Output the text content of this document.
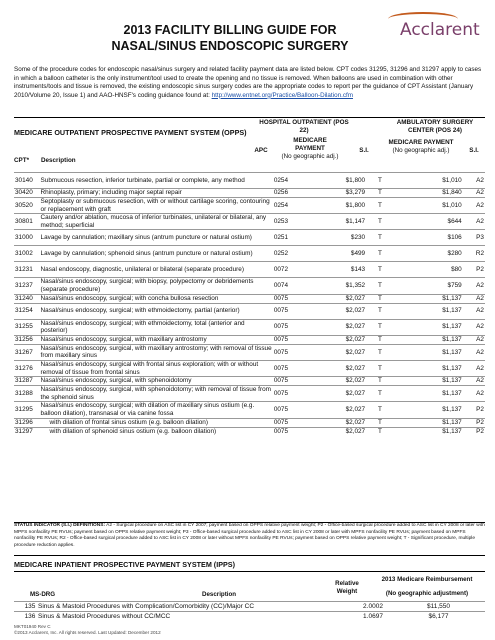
2013 FACILITY BILLING GUIDE FOR
NASAL/SINUS ENDOSCOPIC SURGERY
Acclarent
Some of the procedure codes for endoscopic nasal/sinus surgery and related facility payment data are listed below. CPT codes 31295, 31296 and 31297 apply to cases in which a balloon catheter is the only instrument/tool used to create the opening and no tissue is removed. When balloons are used in combination with other instruments/tools and tissue is removed, the existing endoscopic sinus surgery codes are the appropriate codes to report per the guidance of CPT Assistant (January 2010/Volume 20, Issue 1) and AAO-HNSF's coding guidance found at: http://www.entnet.org/Practice/Balloon-Dilation.cfm
MEDICARE OUTPATIENT PROSPECTIVE PAYMENT SYSTEM (OPPS)
HOSPITAL OUTPATIENT (POS 22)
AMBULATORY SURGERY CENTER (POS 24)
CPT*	Description
APC
MEDICARE PAYMENT
(No geographic adj.)
S.I.
MEDICARE PAYMENT
(No geographic adj.)	S.I.
30140	Submucous resection, inferior turbinate, partial or complete, any method	0254	$1,800	T	$1,010	A2
30420	Rhinoplasty, primary; including major septal repair	0256	$3,279	T	$1,840	A2
30520	Septoplasty or submucous resection, with or without cartilage scoring, contouring or replacement with graft	0254	$1,800	T	$1,010	A2
30801	Cautery and/or ablation, mucosa of inferior turbinates, unilateral or bilateral, any method; superficial	0253	$1,147	T	$644	A2
31000	Lavage by cannulation; maxillary sinus (antrum puncture or natural ostium)	0251	$230	T	$106	P3
31002	Lavage by cannulation; sphenoid sinus (antrum puncture or natural ostium)	0252	$499	T	$280	R2
31231	Nasal endoscopy, diagnostic, unilateral or bilateral (separate procedure)	0072	$143	T	$80	P2
31237	Nasal/sinus endoscopy, surgical; with biopsy, polypectomy or debridements (separate procedure)	0074	$1,352	T	$759	A2
31240	Nasal/sinus endoscopy, surgical; with concha bullosa resection	0075	$2,027	T	$1,137	A2
31254	Nasal/sinus endoscopy, surgical; with ethmoidectomy, partial (anterior)	0075	$2,027	T	$1,137	A2
31255	Nasal/sinus endoscopy, surgical; with ethmoidectomy, total (anterior and posterior)	0075	$2,027	T	$1,137	A2
31256	Nasal/sinus endoscopy, surgical, with maxillary antrostomy	0075	$2,027	T	$1,137	A2
31267	Nasal/sinus endoscopy, surgical, with maxillary antrostomy; with removal of tissue from maxillary sinus	0075	$2,027	T	$1,137	A2
31276	Nasal/sinus endoscopy, surgical with frontal sinus exploration; with or without removal of tissue from frontal sinus	0075	$2,027	T	$1,137	A2
31287	Nasal/sinus endoscopy, surgical, with sphenoidotomy	0075	$2,027	T	$1,137	A2
31288	Nasal/sinus endoscopy, surgical, with sphenoidotomy; with removal of tissue from the sphenoid sinus	0075	$2,027	T	$1,137	A2
31295	Nasal/sinus endoscopy, surgical; with dilation of maxillary sinus ostium (e.g. balloon dilation), transnasal or via canine fossa	0075	$2,027	T	$1,137	P2
31296	with dilation of frontal sinus ostium (e.g. balloon dilation)	0075	$2,027	T	$1,137	P2
31297	with dilation of sphenoid sinus ostium (e.g. balloon dilation)	0075	$2,027	T	$1,137	P2
STATUS INDICATOR (S.I.) DEFINITIONS: A2 - Surgical procedure on ASC list in CY 2007; payment based on OPPS relative payment weight; P2 - Office-based surgical procedure added to ASC list in CY 2008 or later with MPFS nonfacility PE RVUs; payment based on OPPS relative payment weight; P3 - Office-based surgical procedure added to ASC list in CY 2008 or later with MPFS nonfacility PE RVUs; payment based on MPFS nonfacility PE RVUs; R2 - Office-based surgical procedure added to ASC list in CY 2008 or later without MPFS nonfacility PE RVUs; payment based on OPPS relative payment weight; T - Significant procedure, multiple procedure reduction applies.
MEDICARE INPATIENT PROSPECTIVE PAYMENT SYSTEM (IPPS)
MS-DRG	Description
Relative
Weight
2013 Medicare Reimbursement
(No geographic adjustment)
135	Sinus & Mastoid Procedures with Complication/Comorbidity (CC)/Major CC	2.0002	$11,550
136	Sinus & Mastoid Procedures without CC/MCC	1.0697	$6,177
MKT01940 Rev C
©2013 Acclarent, Inc. All rights reserved. Last Updated: December 2012
